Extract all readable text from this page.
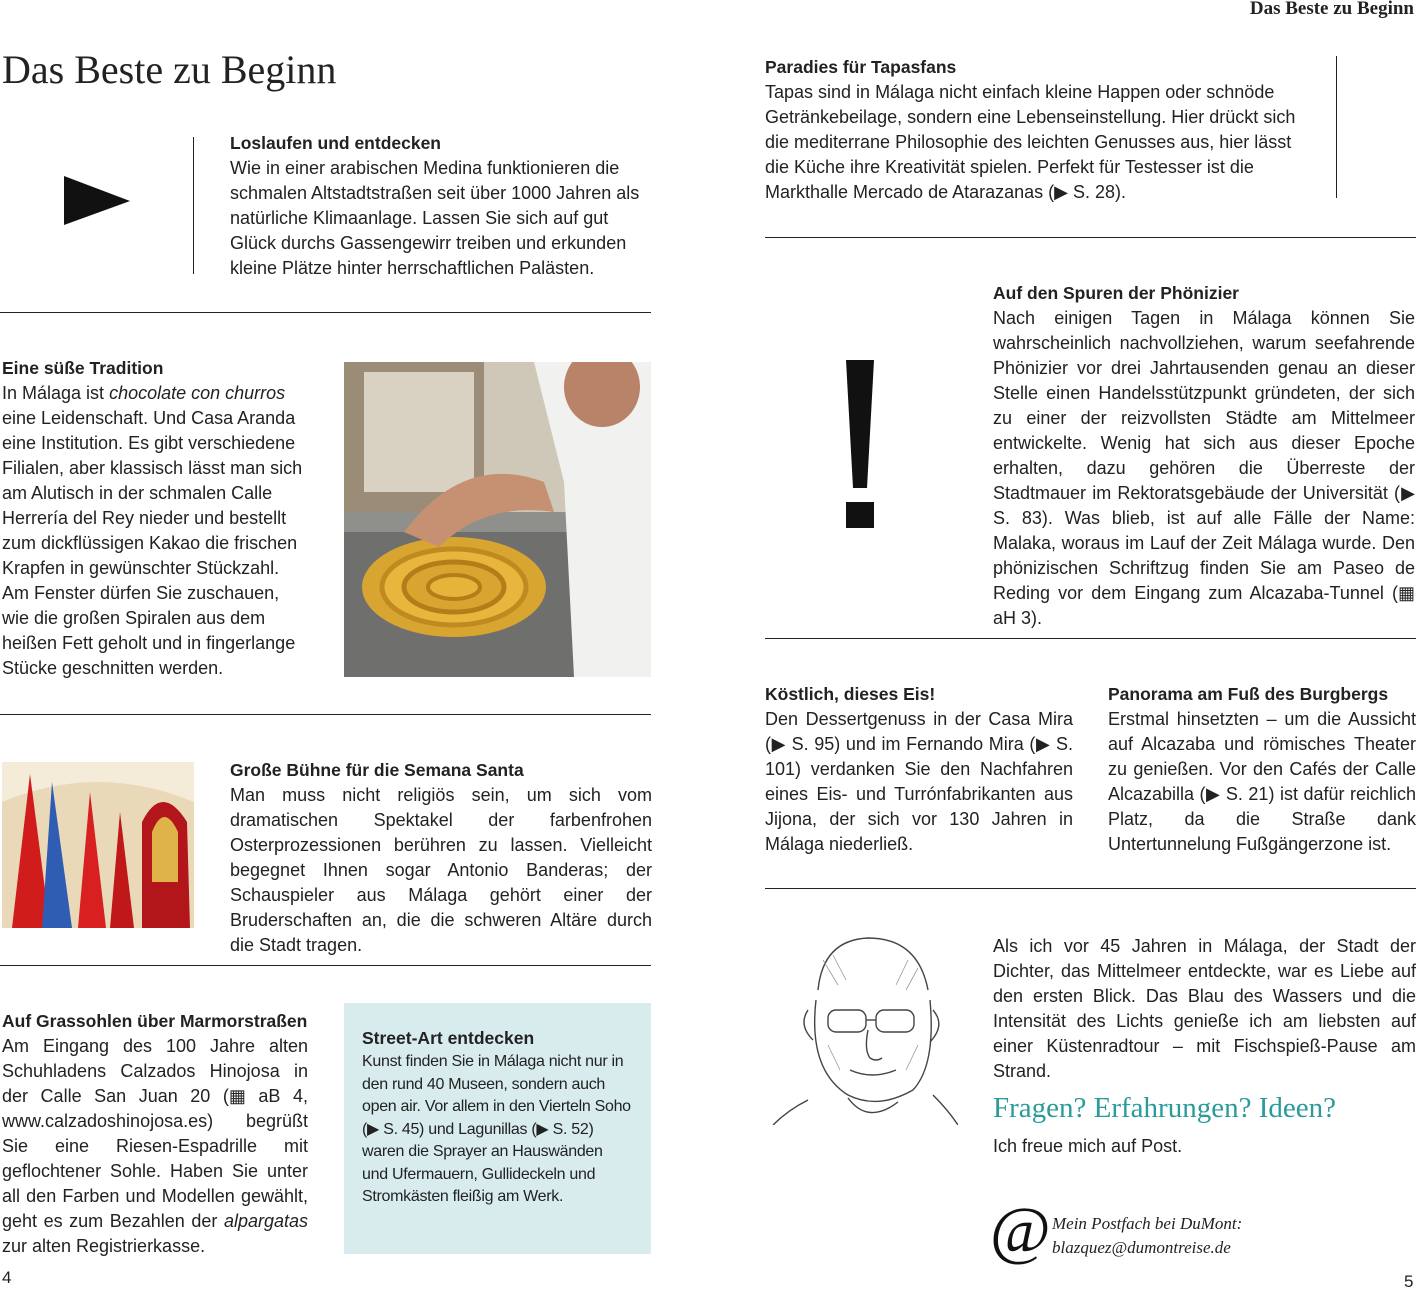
Das Beste zu Beginn
Das Beste zu Beginn

Loslaufen und entdecken

Wie in einer arabischen Medina funktionieren die schmalen Altstadtstraßen seit über 1000 Jahren als natürliche Klimaanlage. Lassen Sie sich auf gut Glück durchs Gassengewirr treiben und erkunden kleine Plätze hinter herrschaftlichen Palästen.

Eine süße Tradition

In Málaga ist chocolate con churros eine Leidenschaft. Und Casa Aranda eine Institution. Es gibt verschiedene Filialen, aber klassisch lässt man sich am Alutisch in der schmalen Calle Herrería del Rey nieder und bestellt zum dickflüssigen Kakao die frischen Krapfen in gewünschter Stückzahl. Am Fenster dürfen Sie zuschauen, wie die großen Spiralen aus dem heißen Fett geholt und in fingerlange Stücke geschnitten werden.

Große Bühne für die Semana Santa

Man muss nicht religiös sein, um sich vom dramatischen Spektakel der farbenfrohen Osterprozessionen berühren zu lassen. Vielleicht begegnet Ihnen sogar Antonio Banderas; der Schauspieler aus Málaga gehört einer der Bruderschaften an, die die schweren Altäre durch die Stadt tragen.

Auf Grassohlen über Marmorstraßen

Am Eingang des 100 Jahre alten Schuhladens Calzados Hinojosa in der Calle San Juan 20 (▦ aB 4, www.calzadoshinojosa.es) begrüßt Sie eine Riesen-Espadrille mit geflochtener Sohle. Haben Sie unter all den Farben und Modellen gewählt, geht es zum Bezahlen der alpargatas zur alten Registrierkasse.

Street-Art entdecken

Kunst finden Sie in Málaga nicht nur in den rund 40 Museen, sondern auch open air. Vor allem in den Vierteln Soho (▶ S. 45) und Lagunillas (▶ S. 52) waren die Sprayer an Hauswänden und Ufermauern, Gullideckeln und Stromkästen fleißig am Werk.

4

Paradies für Tapasfans

Tapas sind in Málaga nicht einfach kleine Happen oder schnöde Getränkebeilage, sondern eine Lebenseinstellung. Hier drückt sich die mediterrane Philosophie des leichten Genusses aus, hier lässt die Küche ihre Kreativität spielen. Perfekt für Testesser ist die Markthalle Mercado de Atarazanas (▶ S. 28).

Auf den Spuren der Phönizier

Nach einigen Tagen in Málaga können Sie wahrscheinlich nachvollziehen, warum seefahrende Phönizier vor drei Jahrtausenden genau an dieser Stelle einen Handelsstützpunkt gründeten, der sich zu einer der reizvollsten Städte am Mittelmeer entwickelte. Wenig hat sich aus dieser Epoche erhalten, dazu gehören die Überreste der Stadtmauer im Rektoratsgebäude der Universität (▶ S. 83). Was blieb, ist auf alle Fälle der Name: Malaka, woraus im Lauf der Zeit Málaga wurde. Den phönizischen Schriftzug finden Sie am Paseo de Reding vor dem Eingang zum Alcazaba-Tunnel (▦ aH 3).

Köstlich, dieses Eis!

Den Dessertgenuss in der Casa Mira (▶ S. 95) und im Fernando Mira (▶ S. 101) verdanken Sie den Nachfahren eines Eis- und Turrónfabrikanten aus Jijona, der sich vor 130 Jahren in Málaga niederließ.

Panorama am Fuß des Burgbergs

Erstmal hinsetzten – um die Aussicht auf Alcazaba und römisches Theater zu genießen. Vor den Cafés der Calle Alcazabilla (▶ S. 21) ist dafür reichlich Platz, da die Straße dank Untertunnelung Fußgängerzone ist.

Als ich vor 45 Jahren in Málaga, der Stadt der Dichter, das Mittelmeer entdeckte, war es Liebe auf den ersten Blick. Das Blau des Wassers und die Intensität des Lichts genieße ich am liebsten auf einer Küstenradtour – mit Fischspieß-Pause am Strand.

Fragen? Erfahrungen? Ideen?
Ich freue mich auf Post.
@ Mein Postfach bei DuMont:
blazquez@dumontreise.de
5
